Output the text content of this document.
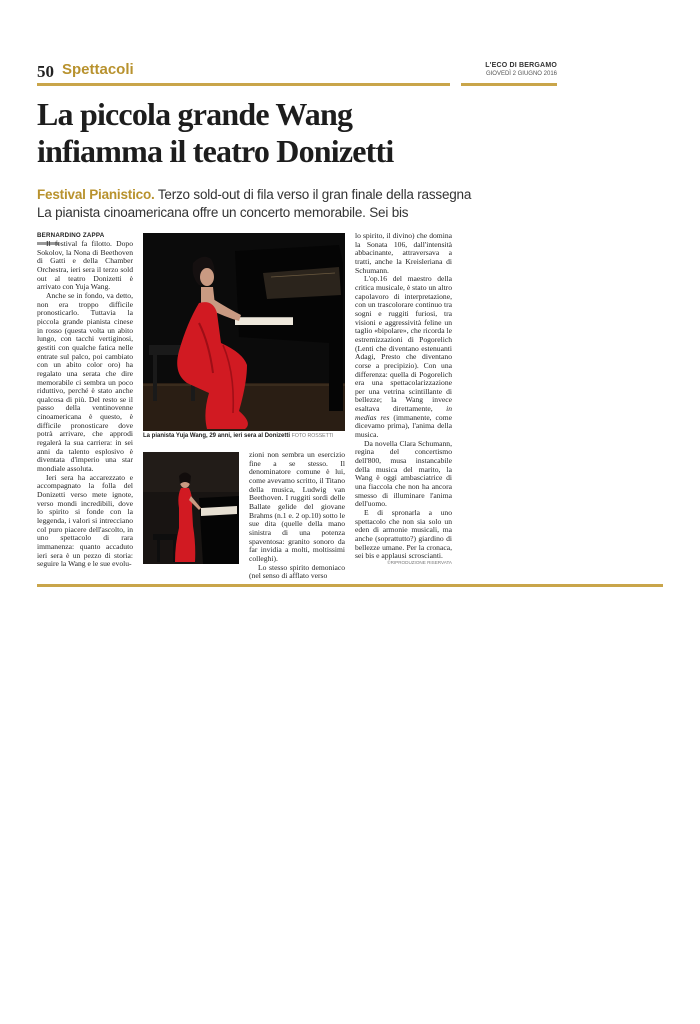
50 Spettacoli	L'ECO DI BERGAMO
GIOVEDÌ 2 GIUGNO 2016
La piccola grande Wang
infiamma il teatro Donizetti
Festival Pianistico. Terzo sold-out di fila verso il gran finale della rassegna
La pianista cinoamericana offre un concerto memorabile. Sei bis
BERNARDINO ZAPPA

Il festival fa filotto. Dopo Sokolov, la Nona di Beethoven di Gatti e della Chamber Orchestra, ieri sera il terzo sold out al teatro Donizetti è arrivato con Yuja Wang.

Anche se in fondo, va detto, non era troppo difficile pronosticarlo. Tuttavia la piccola grande pianista cinese in rosso (questa volta un abito lungo, con tacchi vertiginosi, gestiti con qualche fatica nelle entrate sul palco, poi cambiato con un abito color oro) ha regalato una serata che dire memorabile ci sembra un poco riduttivo, perché è stato anche qualcosa di più. Del resto se il passo della ventinovenne cinoamericana è questo, è difficile pronosticare dove potrà arrivare, che approdi regalerà la sua carriera: in sei anni da talento esplosivo è diventata d'imperio una star mondiale assoluta.

Ieri sera ha accarezzato e accompagnato la folla del Donizetti verso mete ignote, verso mondi incredibili, dove lo spirito si fonde con la leggenda, i valori si intrecciano col puro piacere dell'ascolto, in uno spettacolo di rara immanenza: quanto accaduto ieri sera è un pezzo di storia: seguire la Wang e le sue evolu-

La pianista Yuja Wang, 29 anni, ieri sera al Donizetti FOTO ROSSETTI

zioni non sembra un esercizio fine a se stesso. Il denominatore comune è lui, come avevamo scritto, il Titano della musica, Ludwig van Beethoven. I ruggiti sordi delle Ballate gelide del giovane Brahms (n.1 e. 2 op.10) sotto le sue dita (quelle della mano sinistra di una potenza spaventosa: granito sonoro da far invidia a molti, moltissimi colleghi).

Lo stesso spirito demoniaco (nel senso di afflato verso

lo spirito, il divino) che domina la Sonata 106, dall'intensità abbacinante, attraversava a tratti, anche la Kreisleriana di Schumann.

L'op.16 del maestro della critica musicale, è stato un altro capolavoro di interpretazione, con un trascolorare continuo tra sogni e ruggiti furiosi, tra visioni e aggressività feline un taglio «bipolare», che ricorda le estremizzazioni di Pogorelich (Lenti che diventano estenuanti Adagi, Presto che diventano corse a precipizio). Con una differenza: quella di Pogorelich era una spettacolarizzazione per una vetrina scintillante di bellezze; la Wang invece esaltava direttamente, in medias res (immanente, come dicevamo prima), l'anima della musica.

Da novella Clara Schumann, regina del concertismo dell'800, musa instancabile della musica del marito, la Wang è oggi ambasciatrice di una fiaccola che non ha ancora smesso di illuminare l'anima dell'uomo.

E di spronarla a uno spettacolo che non sia solo un eden di armonie musicali, ma anche (soprattutto?) giardino di bellezze umane. Per la cronaca, sei bis e applausi scroscianti.

©RIPRODUZIONE RISERVATA
